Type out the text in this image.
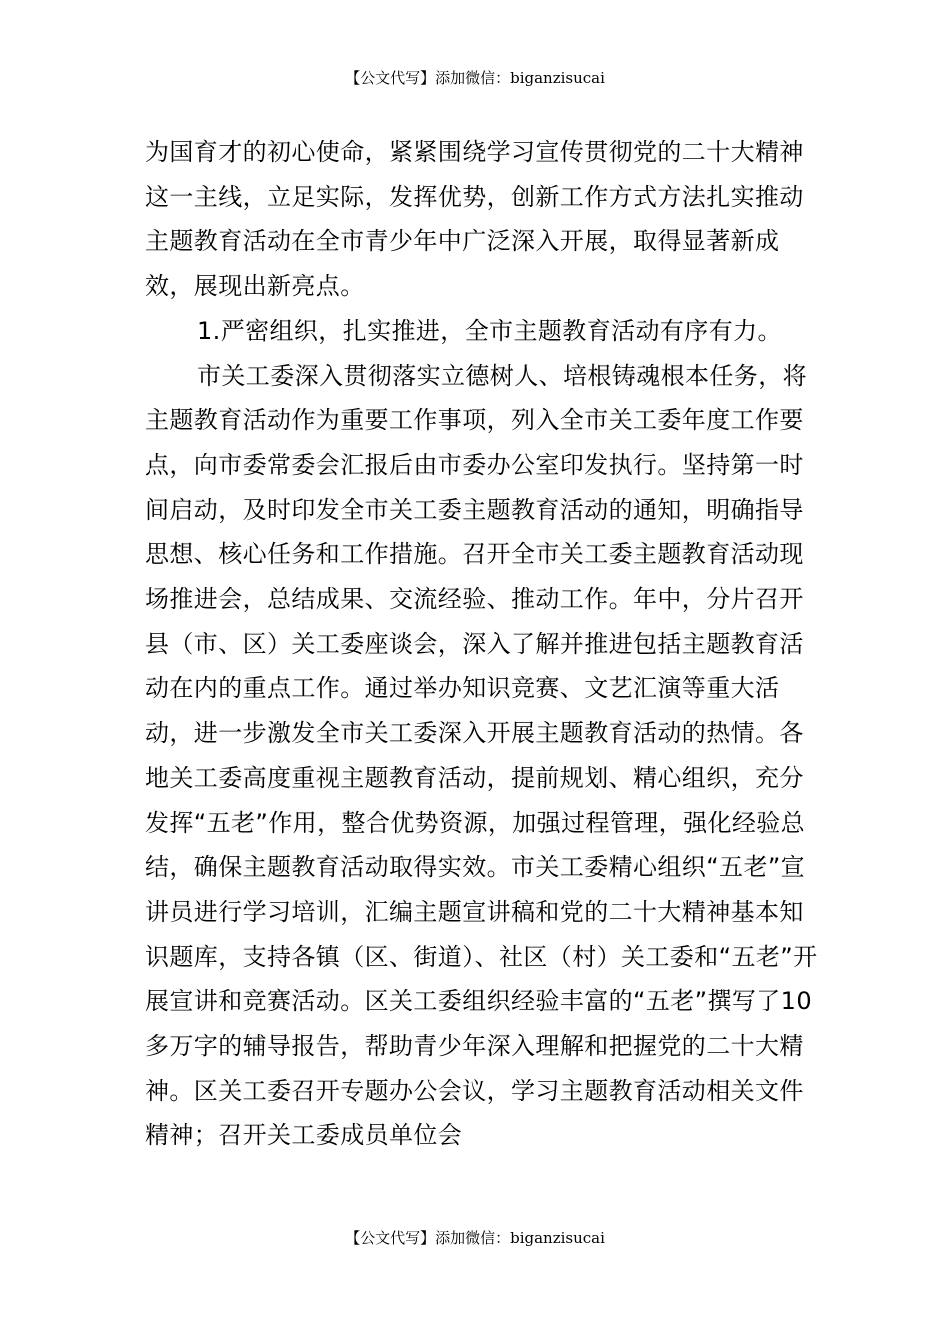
【公文代写】添加微信：biganzisucai
为国育才的初心使命，紧紧围绕学习宣传贯彻党的二十大精神这一主线，立足实际，发挥优势，创新工作方式方法扎实推动主题教育活动在全市青少年中广泛深入开展，取得显著新成效，展现出新亮点。
1.严密组织，扎实推进，全市主题教育活动有序有力。
市关工委深入贯彻落实立德树人、培根铸魂根本任务，将主题教育活动作为重要工作事项，列入全市关工委年度工作要点，向市委常委会汇报后由市委办公室印发执行。坚持第一时间启动，及时印发全市关工委主题教育活动的通知，明确指导思想、核心任务和工作措施。召开全市关工委主题教育活动现场推进会，总结成果、交流经验、推动工作。年中，分片召开县（市、区）关工委座谈会，深入了解并推进包括主题教育活动在内的重点工作。通过举办知识竞赛、文艺汇演等重大活动，进一步激发全市关工委深入开展主题教育活动的热情。各地关工委高度重视主题教育活动，提前规划、精心组织，充分发挥“五老”作用，整合优势资源，加强过程管理，强化经验总结，确保主题教育活动取得实效。市关工委精心组织“五老”宣讲员进行学习培训，汇编主题宣讲稿和党的二十大精神基本知识题库，支持各镇（区、街道）、社区（村）关工委和“五老”开展宣讲和竞赛活动。区关工委组织经验丰富的“五老”撰写了10多万字的辅导报告，帮助青少年深入理解和把握党的二十大精神。区关工委召开专题办公会议，学习主题教育活动相关文件精神；召开关工委成员单位会
【公文代写】添加微信：biganzisucai
